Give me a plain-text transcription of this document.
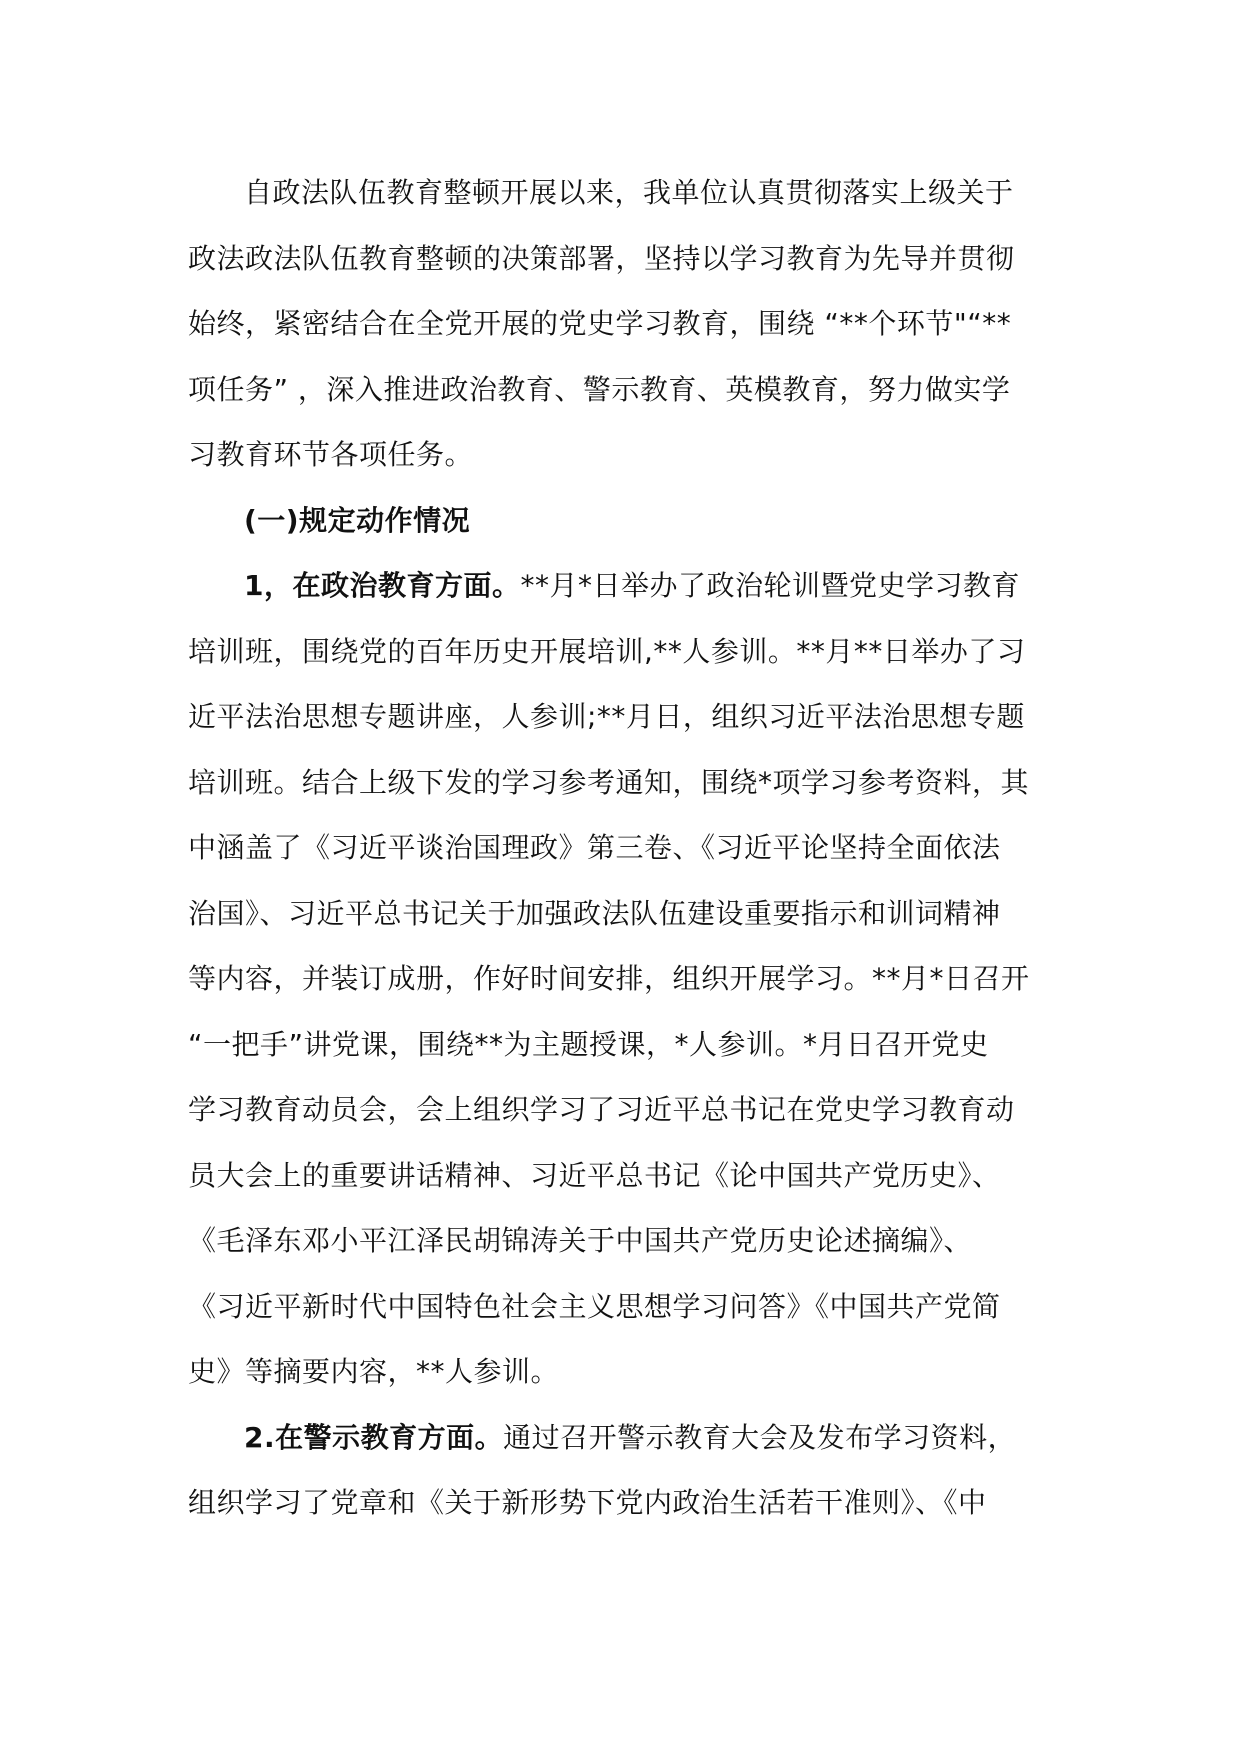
自政法队伍教育整顿开展以来，我单位认真贯彻落实上级关于
政法政法队伍教育整顿的决策部署，坚持以学习教育为先导并贯彻
始终，紧密结合在全党开展的党史学习教育，围绕 “**个环节"“**
项任务” ，深入推进政治教育、警示教育、英模教育，努力做实学
习教育环节各项任务。
(一)规定动作情况
1，在政治教育方面。**月*日举办了政治轮训暨党史学习教育
培训班，围绕党的百年历史开展培训,**人参训。**月**日举办了习
近平法治思想专题讲座，人参训;**月日，组织习近平法治思想专题
培训班。结合上级下发的学习参考通知，围绕*项学习参考资料，其
中涵盖了《习近平谈治国理政》第三卷、《习近平论坚持全面依法
治国》、习近平总书记关于加强政法队伍建设重要指示和训词精神
等内容，并装订成册，作好时间安排，组织开展学习。**月*日召开
“一把手”讲党课，围绕**为主题授课，*人参训。*月日召开党史
学习教育动员会，会上组织学习了习近平总书记在党史学习教育动
员大会上的重要讲话精神、习近平总书记《论中国共产党历史》、
《毛泽东邓小平江泽民胡锦涛关于中国共产党历史论述摘编》、
《习近平新时代中国特色社会主义思想学习问答》《中国共产党简
史》等摘要内容，**人参训。
2.在警示教育方面。通过召开警示教育大会及发布学习资料，
组织学习了党章和《关于新形势下党内政治生活若干准则》、《中
